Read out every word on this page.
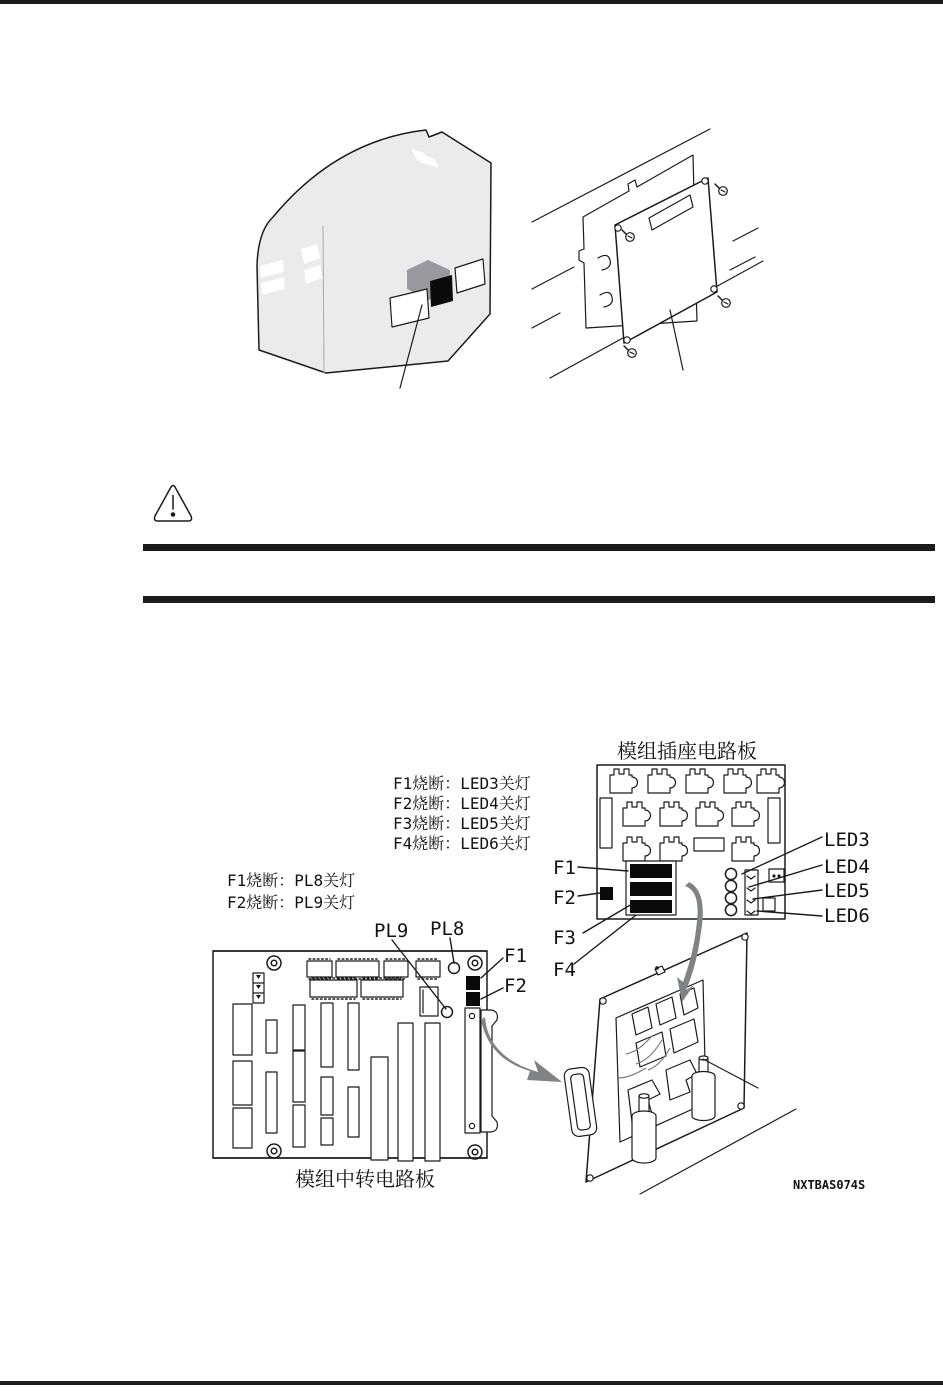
模组插座电路板
F1烧断：LED3关灯
F2烧断：LED4关灯
F3烧断：LED5关灯
F4烧断：LED6关灯
F1烧断：PL8关灯
F2烧断：PL9关灯
LED3
LED4
LED5
LED6
F1
F2
F3
F4
PL9 PL8
F1
F2
模组中转电路板	NXTBAS074S
